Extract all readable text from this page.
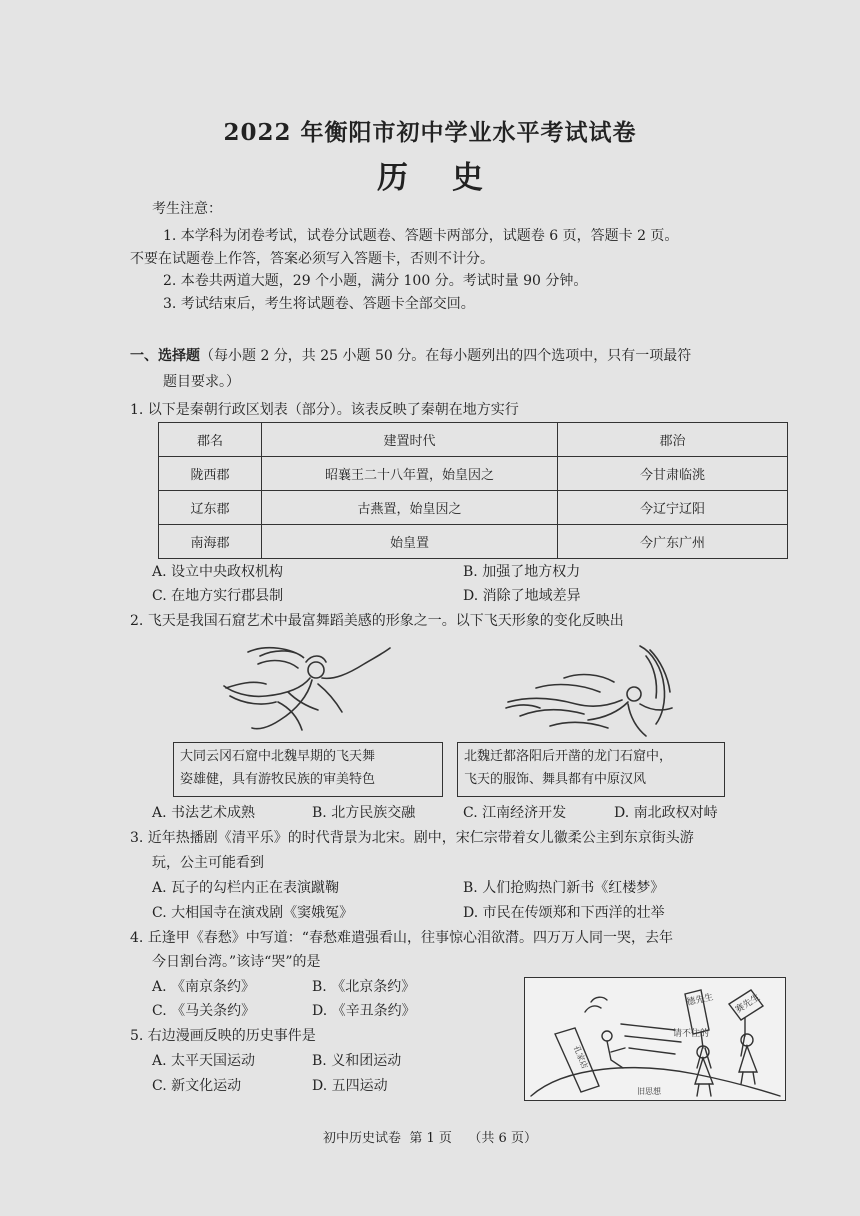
2022 年衡阳市初中学业水平考试试卷
历史
考生注意：
1. 本学科为闭卷考试，试卷分试题卷、答题卡两部分，试题卷 6 页，答题卡 2 页。
不要在试题卷上作答，答案必须写入答题卡，否则不计分。
2. 本卷共两道大题，29 个小题，满分 100 分。考试时量 90 分钟。
3. 考试结束后，考生将试题卷、答题卡全部交回。
一、选择题（每小题 2 分，共 25 小题 50 分。在每小题列出的四个选项中，只有一项最符
题目要求。）
1. 以下是秦朝行政区划表（部分）。该表反映了秦朝在地方实行
郡名	建置时代	郡治
陇西郡	昭襄王二十八年置，始皇因之	今甘肃临洮
辽东郡	古燕置，始皇因之	今辽宁辽阳
南海郡	始皇置	今广东广州
A. 设立中央政权机构	B. 加强了地方权力
C. 在地方实行郡县制	D. 消除了地域差异
2. 飞天是我国石窟艺术中最富舞蹈美感的形象之一。以下飞天形象的变化反映出
大同云冈石窟中北魏早期的飞天舞
姿雄健，具有游牧民族的审美特色
北魏迁都洛阳后开凿的龙门石窟中，
飞天的服饰、舞具都有中原汉风
A. 书法艺术成熟	B. 北方民族交融	C. 江南经济开发	D. 南北政权对峙
3. 近年热播剧《清平乐》的时代背景为北宋。剧中，宋仁宗带着女儿徽柔公主到东京街头游
玩，公主可能看到
A. 瓦子的勾栏内正在表演蹴鞠	B. 人们抢购热门新书《红楼梦》
C. 大相国寺在演戏剧《窦娥冤》	D. 市民在传颂郑和下西洋的壮举
4. 丘逢甲《春愁》中写道：“春愁难遣强看山，往事惊心泪欲潸。四万万人同一哭，去年
今日割台湾。”该诗“哭”的是
A. 《南京条约》	B. 《北京条约》
C. 《马关条约》	D. 《辛丑条约》
5. 右边漫画反映的历史事件是
A. 太平天国运动	B. 义和团运动
C. 新文化运动	D. 五四运动
请不住的
德先生 赛先生
孔家店
旧思想
初中历史试卷 第 1 页 （共 6 页）
